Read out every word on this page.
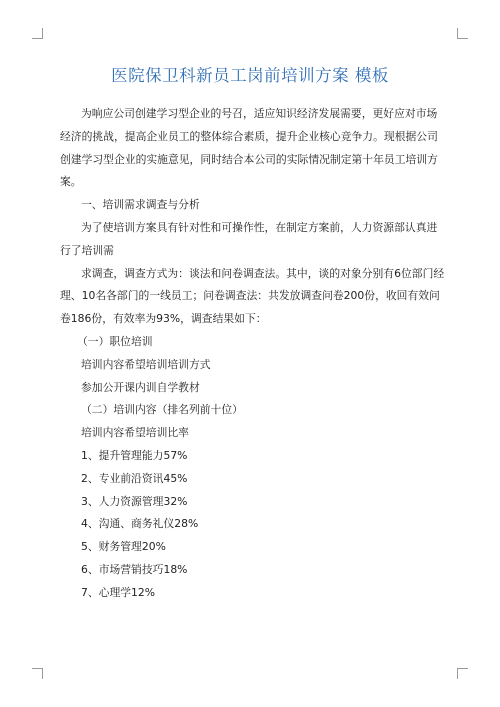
医院保卫科新员工岗前培训方案 模板

为响应公司创建学习型企业的号召，适应知识经济发展需要，更好应对市场经济的挑战，提高企业员工的整体综合素质，提升企业核心竞争力。现根据公司创建学习型企业的实施意见，同时结合本公司的实际情况制定第十年员工培训方案。

一、培训需求调查与分析

为了使培训方案具有针对性和可操作性，在制定方案前，人力资源部认真进行了培训需

求调查，调查方式为：谈法和问卷调查法。其中，谈的对象分别有6位部门经理、10名各部门的一线员工；问卷调查法：共发放调查问卷200份，收回有效问卷186份，有效率为93%，调查结果如下：

（一）职位培训

培训内容希望培训培训方式

参加公开课内训自学教材

（二）培训内容（排名列前十位）

培训内容希望培训比率

1、提升管理能力57%

2、专业前沿资讯45%

3、人力资源管理32%

4、沟通、商务礼仪28%

5、财务管理20%

6、市场营销技巧18%

7、心理学12%
